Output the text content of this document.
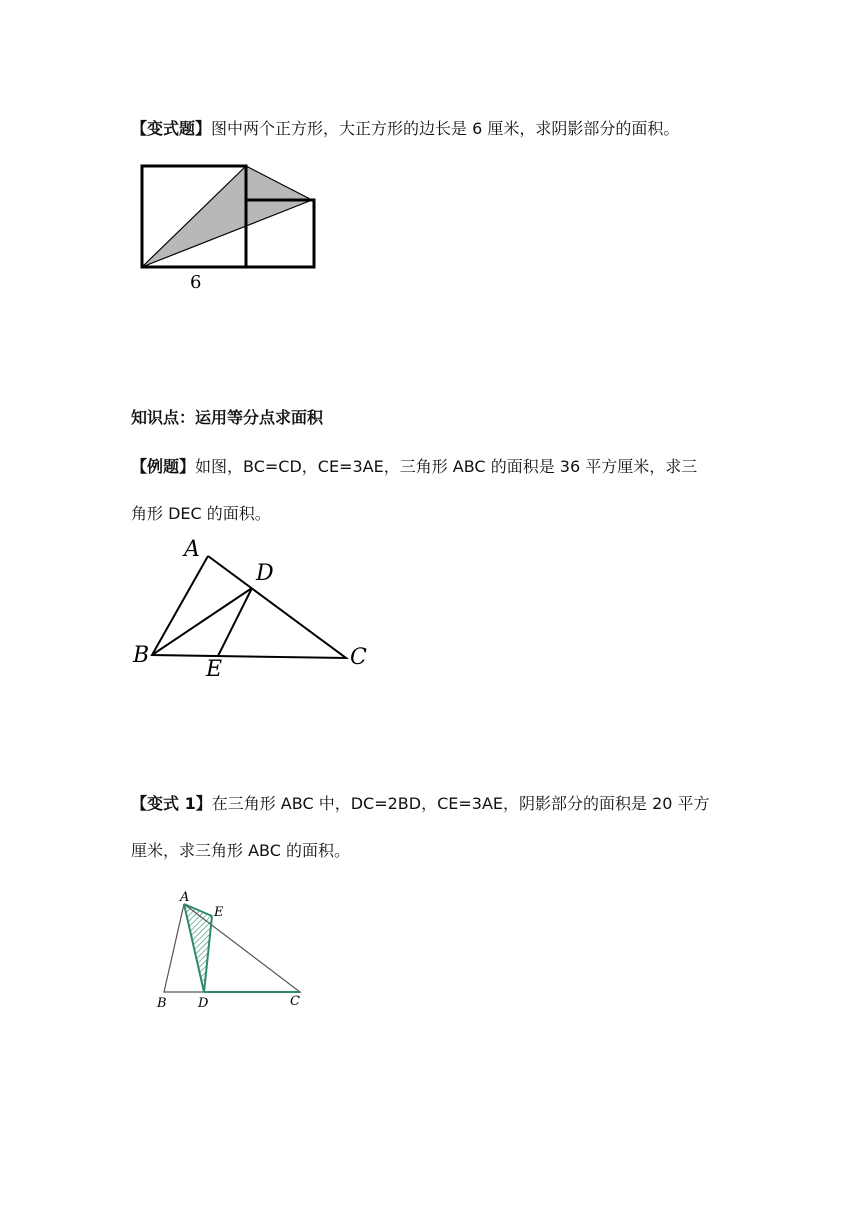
【变式题】图中两个正方形，大正方形的边长是 6 厘米，求阴影部分的面积。
6
知识点：运用等分点求面积
【例题】如图，BC=CD，CE=3AE，三角形 ABC 的面积是 36 平方厘米，求三
角形 DEC 的面积。
A
D
B
E	C
【变式 1】在三角形 ABC 中，DC=2BD，CE=3AE，阴影部分的面积是 20 平方
厘米，求三角形 ABC 的面积。
A
E
B D	C
